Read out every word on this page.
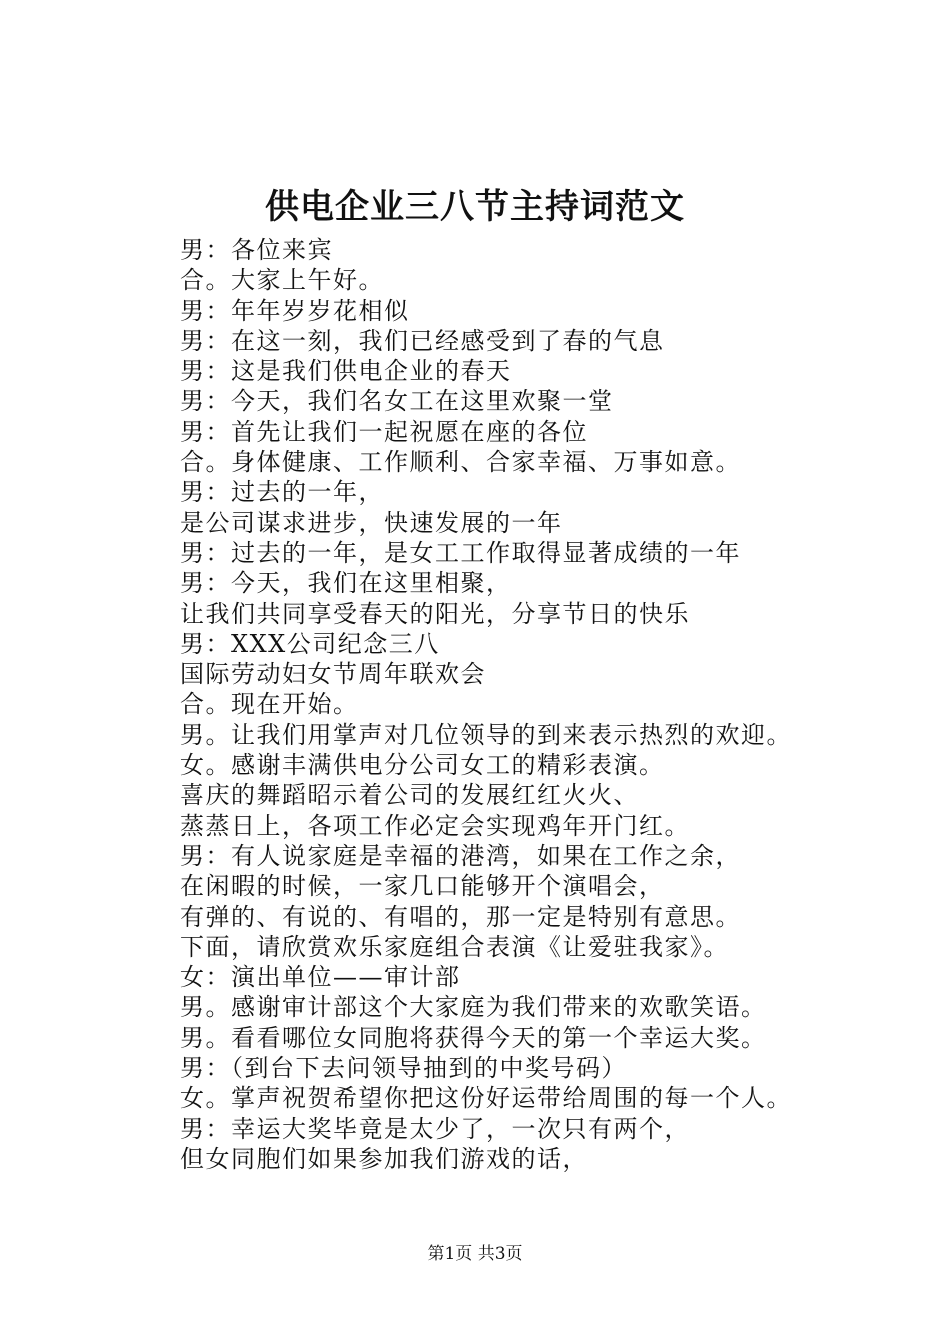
供电企业三八节主持词范文
男：各位来宾
合。大家上午好。
男：年年岁岁花相似
男：在这一刻，我们已经感受到了春的气息
男：这是我们供电企业的春天
男：今天，我们名女工在这里欢聚一堂
男：首先让我们一起祝愿在座的各位
合。身体健康、工作顺利、合家幸福、万事如意。
男：过去的一年，
是公司谋求进步，快速发展的一年
男：过去的一年，是女工工作取得显著成绩的一年
男：今天，我们在这里相聚，
让我们共同享受春天的阳光，分享节日的快乐
男：XXX公司纪念三八
国际劳动妇女节周年联欢会
合。现在开始。
男。让我们用掌声对几位领导的到来表示热烈的欢迎。
女。感谢丰满供电分公司女工的精彩表演。
喜庆的舞蹈昭示着公司的发展红红火火、
蒸蒸日上，各项工作必定会实现鸡年开门红。
男：有人说家庭是幸福的港湾，如果在工作之余，
在闲暇的时候，一家几口能够开个演唱会，
有弹的、有说的、有唱的，那一定是特别有意思。
下面，请欣赏欢乐家庭组合表演《让爱驻我家》。
女：演出单位——审计部
男。感谢审计部这个大家庭为我们带来的欢歌笑语。
男。看看哪位女同胞将获得今天的第一个幸运大奖。
男：（到台下去问领导抽到的中奖号码）
女。掌声祝贺希望你把这份好运带给周围的每一个人。
男：幸运大奖毕竟是太少了，一次只有两个，
但女同胞们如果参加我们游戏的话，
第1页 共3页
